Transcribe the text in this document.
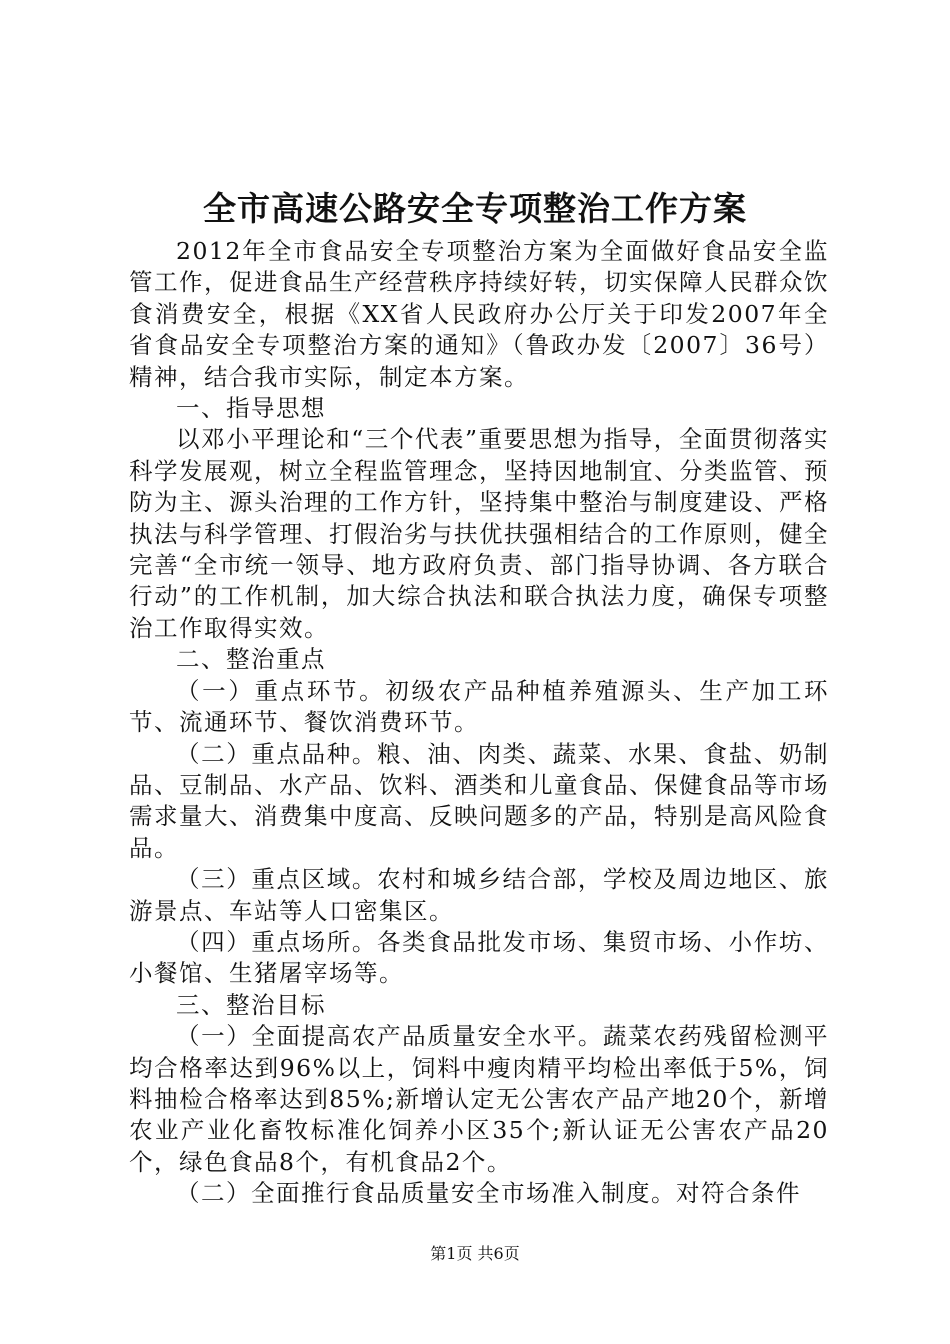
全市高速公路安全专项整治工作方案

2012年全市食品安全专项整治方案为全面做好食品安全监管工作，促进食品生产经营秩序持续好转，切实保障人民群众饮食消费安全，根据《XX省人民政府办公厅关于印发2007年全省食品安全专项整治方案的通知》（鲁政办发〔2007〕36号）精神，结合我市实际，制定本方案。

一、指导思想

以邓小平理论和“三个代表”重要思想为指导，全面贯彻落实科学发展观，树立全程监管理念，坚持因地制宜、分类监管、预防为主、源头治理的工作方针，坚持集中整治与制度建设、严格执法与科学管理、打假治劣与扶优扶强相结合的工作原则，健全完善“全市统一领导、地方政府负责、部门指导协调、各方联合行动”的工作机制，加大综合执法和联合执法力度，确保专项整治工作取得实效。

二、整治重点

（一）重点环节。初级农产品种植养殖源头、生产加工环节、流通环节、餐饮消费环节。

（二）重点品种。粮、油、肉类、蔬菜、水果、食盐、奶制品、豆制品、水产品、饮料、酒类和儿童食品、保健食品等市场需求量大、消费集中度高、反映问题多的产品，特别是高风险食品。

（三）重点区域。农村和城乡结合部，学校及周边地区、旅游景点、车站等人口密集区。

（四）重点场所。各类食品批发市场、集贸市场、小作坊、小餐馆、生猪屠宰场等。

三、整治目标

（一）全面提高农产品质量安全水平。蔬菜农药残留检测平均合格率达到96%以上，饲料中瘦肉精平均检出率低于5%，饲料抽检合格率达到85%;新增认定无公害农产品产地20个，新增农业产业化畜牧标准化饲养小区35个;新认证无公害农产品20个，绿色食品8个，有机食品2个。

（二）全面推行食品质量安全市场准入制度。对符合条件

第1页 共6页
